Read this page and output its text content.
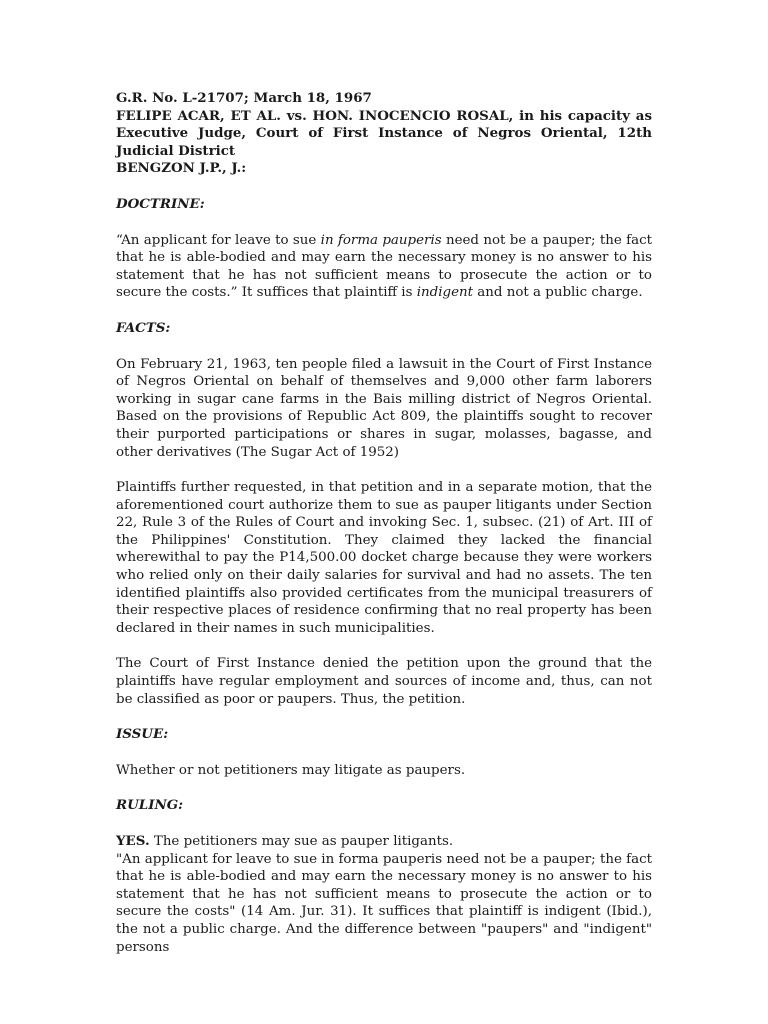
G.R. No. L-21707; March 18, 1967

FELIPE ACAR, ET AL. vs. HON. INOCENCIO ROSAL, in his capacity as Executive Judge, Court of First Instance of Negros Oriental, 12th Judicial District

BENGZON J.P., J.:

DOCTRINE:

“An applicant for leave to sue in forma pauperis need not be a pauper; the fact that he is able-bodied and may earn the necessary money is no answer to his statement that he has not sufficient means to prosecute the action or to secure the costs.” It suffices that plaintiff is indigent and not a public charge.

FACTS:

On February 21, 1963, ten people filed a lawsuit in the Court of First Instance of Negros Oriental on behalf of themselves and 9,000 other farm laborers working in sugar cane farms in the Bais milling district of Negros Oriental. Based on the provisions of Republic Act 809, the plaintiffs sought to recover their purported participations or shares in sugar, molasses, bagasse, and other derivatives (The Sugar Act of 1952)

Plaintiffs further requested, in that petition and in a separate motion, that the aforementioned court authorize them to sue as pauper litigants under Section 22, Rule 3 of the Rules of Court and invoking Sec. 1, subsec. (21) of Art. III of the Philippines' Constitution. They claimed they lacked the financial wherewithal to pay the P14,500.00 docket charge because they were workers who relied only on their daily salaries for survival and had no assets. The ten identified plaintiffs also provided certificates from the municipal treasurers of their respective places of residence confirming that no real property has been declared in their names in such municipalities.

The Court of First Instance denied the petition upon the ground that the plaintiffs have regular employment and sources of income and, thus, can not be classified as poor or paupers. Thus, the petition.

ISSUE:

Whether or not petitioners may litigate as paupers.

RULING:

YES. The petitioners may sue as pauper litigants.

"An applicant for leave to sue in forma pauperis need not be a pauper; the fact that he is able-bodied and may earn the necessary money is no answer to his statement that he has not sufficient means to prosecute the action or to secure the costs" (14 Am. Jur. 31). It suffices that plaintiff is indigent (Ibid.), the not a public charge. And the difference between "paupers" and "indigent" persons
